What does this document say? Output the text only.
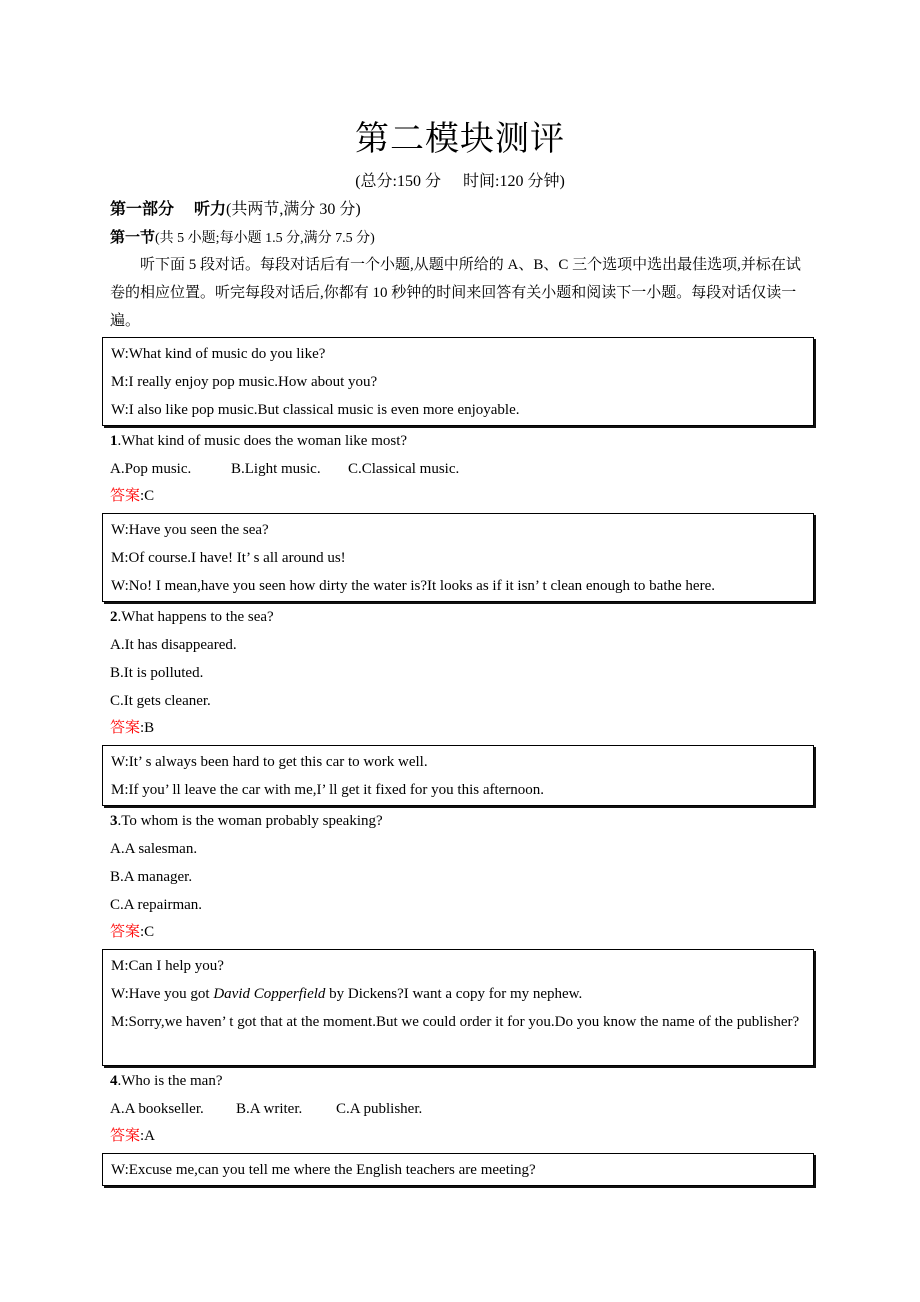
第二模块测评
(总分:150 分 时间:120 分钟)
第一部分 听力(共两节,满分 30 分)
第一节(共 5 小题;每小题 1.5 分,满分 7.5 分)
听下面 5 段对话。每段对话后有一个小题,从题中所给的 A、B、C 三个选项中选出最佳选项,并标在试卷的相应位置。听完每段对话后,你都有 10 秒钟的时间来回答有关小题和阅读下一小题。每段对话仅读一遍。

W:What kind of music do you like?

M:I really enjoy pop music.How about you?

W:I also like pop music.But classical music is even more enjoyable.

1.What kind of music does the woman like most?
A.Pop music.	B.Light music. C.Classical music.
答案:C

W:Have you seen the sea?

M:Of course.I have! It’ s all around us!

W:No! I mean,have you seen how dirty the water is?It looks as if it isn’ t clean enough to bathe here.

2.What happens to the sea?
A.It has disappeared.
B.It is polluted.
C.It gets cleaner.
答案:B

W:It’ s always been hard to get this car to work well.

M:If you’ ll leave the car with me,I’ ll get it fixed for you this afternoon.

3.To whom is the woman probably speaking?
A.A salesman.
B.A manager.
C.A repairman.
答案:C

M:Can I help you?

W:Have you got David Copperfield by Dickens?I want a copy for my nephew.

M:Sorry,we haven’ t got that at the moment.But we could order it for you.Do you know the name of the publisher?

4.Who is the man?
A.A bookseller. B.A writer. C.A publisher.
答案:A

W:Excuse me,can you tell me where the English teachers are meeting?
